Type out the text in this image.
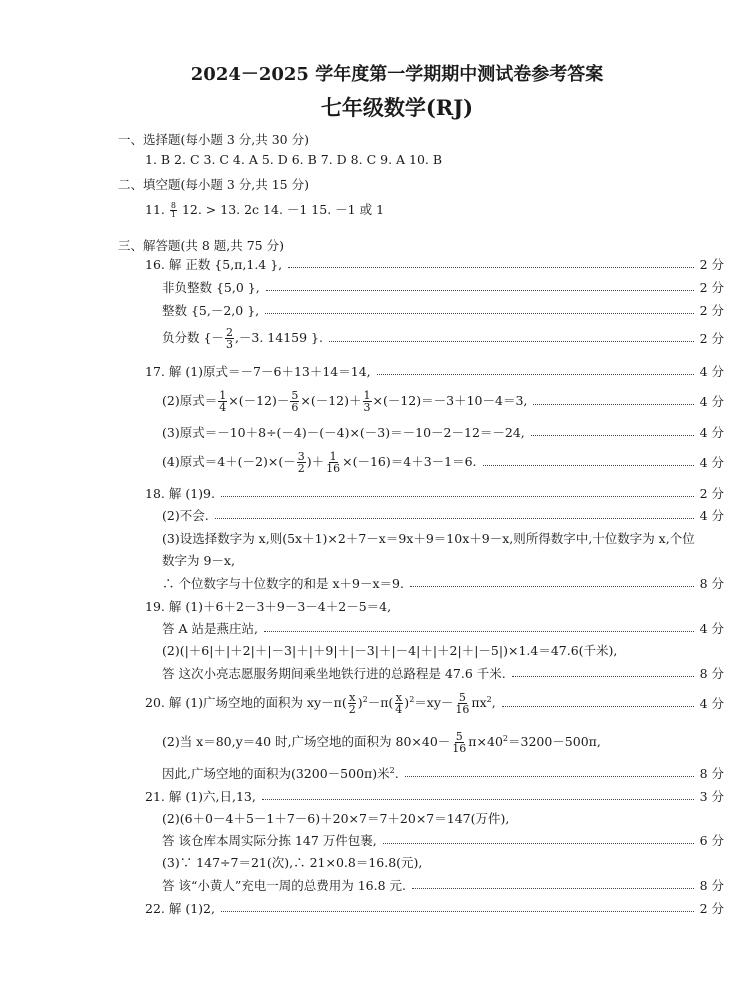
2024－2025 学年度第一学期期中测试卷参考答案
七年级数学(RJ)
一、选择题(每小题 3 分,共 30 分)
1. B 2. C 3. C 4. A 5. D 6. B 7. D 8. C 9. A 10. B
二、填空题(每小题 3 分,共 15 分)
11. $\frac{8}{1} 12$. > 13. 2c 14. －1 15. －1 或 1
三、解答题(共 8 题,共 75 分)
16. 解 正数 {5,π,1.4 },	2 分
非负整数 {5,0 },	2 分
整数 {5,－2,0 },	2 分
负分数 {－ $\frac{2}{3} ,-3$. 14159 }.	2 分
17. 解 (1)原式＝－7－6＋13＋14＝14,	4 分
(2)原式＝ $\frac{1}{4} \times(-12)- \frac{5}{6} \times(-12)+ \frac{1}{3} \times(-12)=-3+10-4=3$,	4 分
(3)原式＝－10＋8÷(－4)－(－4)×(－3)＝－10－2－12＝－24,	4 分
(4)原式$=4+(-2)\times(- \frac{3}{2}$ )＋ $\frac{1}{16} \times(-16)=4+3-1=6$.	4 分
18. 解 (1)9.	2 分
(2)不会.	4 分
(3)设选择数字为 x,则(5x＋1)×2＋7－x＝9x＋9＝10x＋9－x,则所得数字中,十位数字为 x,个位
数字为 9－x,
∴ 个位数字与十位数字的和是 x＋9－x＝9.	8 分
19. 解 (1)＋6＋2－3＋9－3－4＋2－5＝4,
答 A 站是燕庄站,	4 分
(2)(|＋6|＋|＋2|＋|－3|＋|＋9|＋|－3|＋|－4|＋|＋2|＋|－5|)×1.4＝47.6(千米),
答 这次小亮志愿服务期间乘坐地铁行进的总路程是 47.6 千米.	8 分
20. 解 (1)广场空地的面积为 $xy-\pi( \frac{x}{2} )^2-\pi( \frac{x}{4} )^2=xy- \frac{5}{16} \pi x^2$,	4 分
(2)当 x＝80,y＝40 时,广场空地的面积为 $80\times 40- \frac{5}{16} \pi\times 40^2=3200-500\pi$,
因此,广场空地的面积为(3200－500π)米$^2$.	8 分
21. 解 (1)六,日,13,	3 分
(2)(6＋0－4＋5－1＋7－6)＋20×7＝7＋20×7＝147(万件),
答 该仓库本周实际分拣 147 万件包裹,	6 分
(3)∵ 147÷7＝21(次),∴ 21×0.8＝16.8(元),
答 该“小黄人”充电一周的总费用为 16.8 元.	8 分
22. 解 (1)2,	2 分
